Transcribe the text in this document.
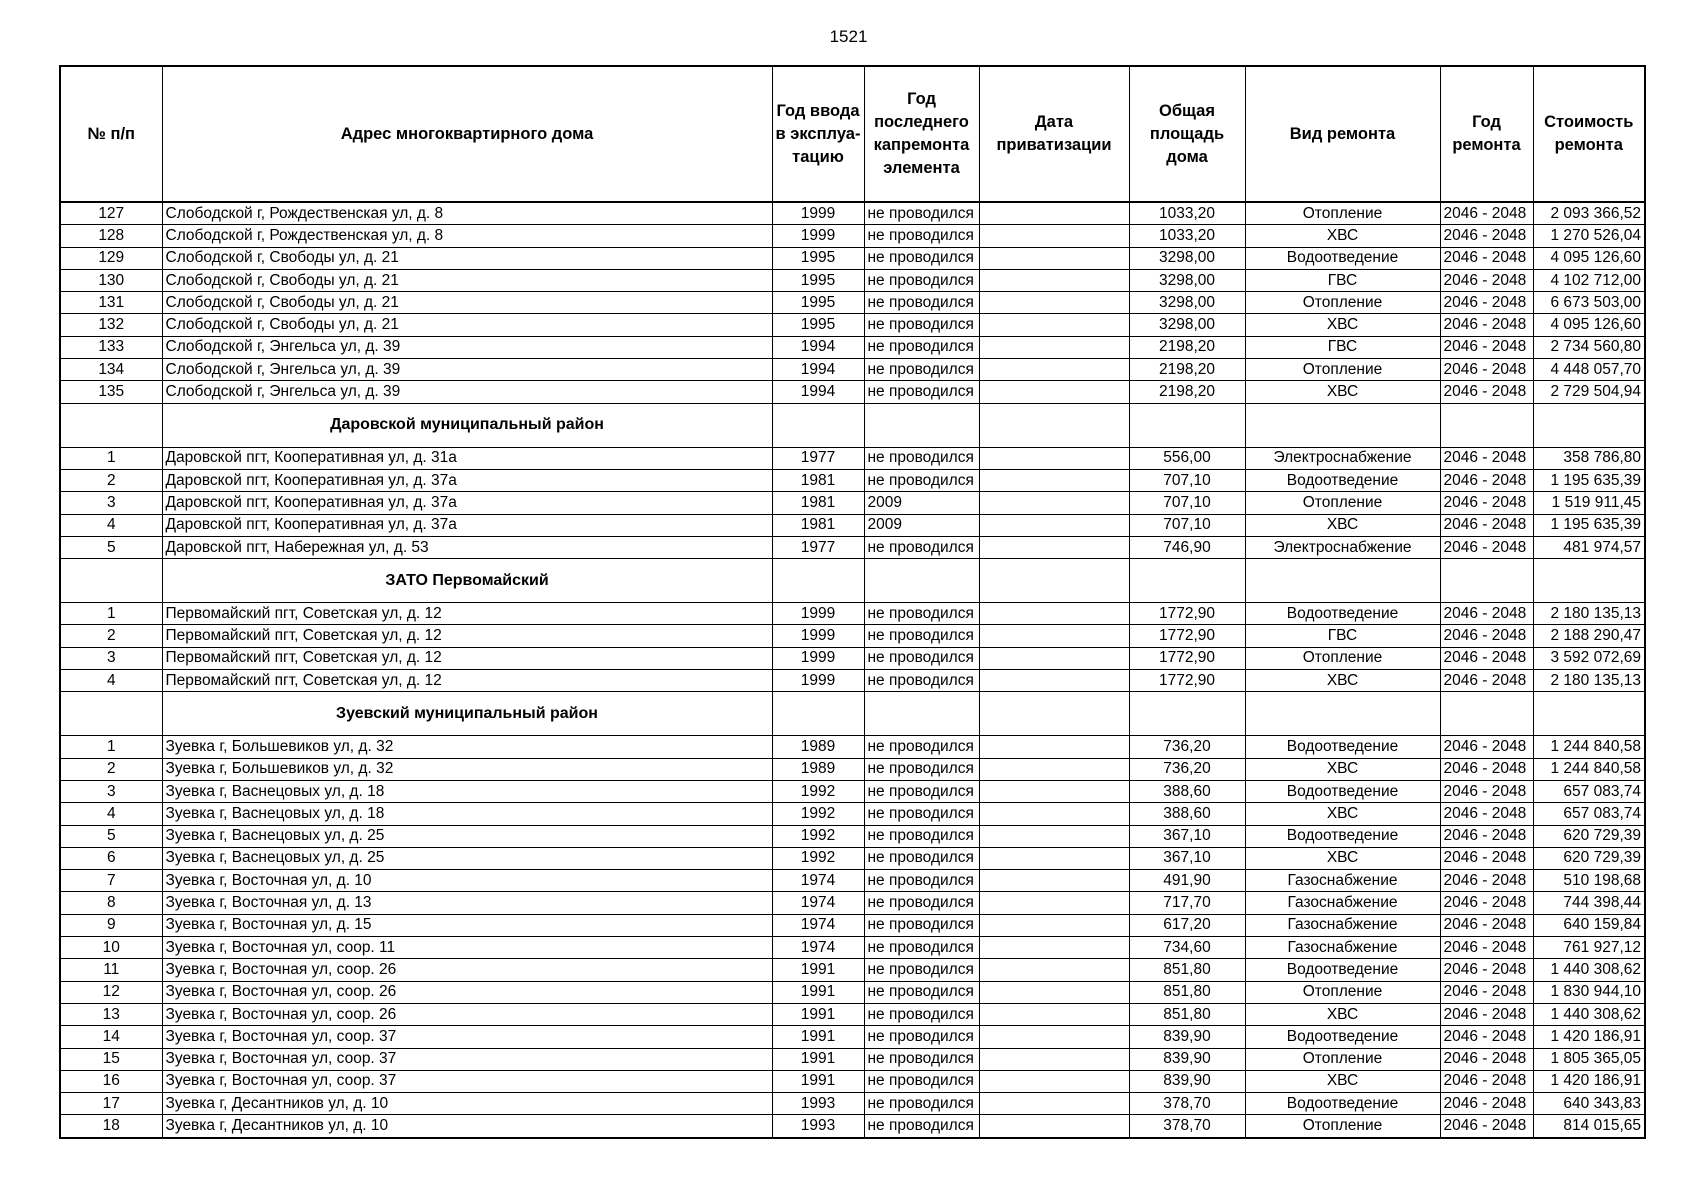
1521
№ п/п	Адрес многоквартирного дома	Год ввода в эксплуа-тацию	Год последнего капремонта элемента	Дата приватизации	Общая площадь дома	Вид ремонта	Год ремонта	Стоимость ремонта
127	Слободской г, Рождественская ул, д. 8	1999	не проводился		1033,20	Отопление	2046 - 2048	2 093 366,52
128	Слободской г, Рождественская ул, д. 8	1999	не проводился		1033,20	ХВС	2046 - 2048	1 270 526,04
129	Слободской г, Свободы ул, д. 21	1995	не проводился		3298,00	Водоотведение	2046 - 2048	4 095 126,60
130	Слободской г, Свободы ул, д. 21	1995	не проводился		3298,00	ГВС	2046 - 2048	4 102 712,00
131	Слободской г, Свободы ул, д. 21	1995	не проводился		3298,00	Отопление	2046 - 2048	6 673 503,00
132	Слободской г, Свободы ул, д. 21	1995	не проводился		3298,00	ХВС	2046 - 2048	4 095 126,60
133	Слободской г, Энгельса ул, д. 39	1994	не проводился		2198,20	ГВС	2046 - 2048	2 734 560,80
134	Слободской г, Энгельса ул, д. 39	1994	не проводился		2198,20	Отопление	2046 - 2048	4 448 057,70
135	Слободской г, Энгельса ул, д. 39	1994	не проводился		2198,20	ХВС	2046 - 2048	2 729 504,94
	Даровской муниципальный район							
1	Даровской пгт, Кооперативная ул, д. 31а	1977	не проводился		556,00	Электроснабжение	2046 - 2048	358 786,80
2	Даровской пгт, Кооперативная ул, д. 37а	1981	не проводился		707,10	Водоотведение	2046 - 2048	1 195 635,39
3	Даровской пгт, Кооперативная ул, д. 37а	1981	2009		707,10	Отопление	2046 - 2048	1 519 911,45
4	Даровской пгт, Кооперативная ул, д. 37а	1981	2009		707,10	ХВС	2046 - 2048	1 195 635,39
5	Даровской пгт, Набережная ул, д. 53	1977	не проводился		746,90	Электроснабжение	2046 - 2048	481 974,57
	ЗАТО Первомайский							
1	Первомайский пгт, Советская ул, д. 12	1999	не проводился		1772,90	Водоотведение	2046 - 2048	2 180 135,13
2	Первомайский пгт, Советская ул, д. 12	1999	не проводился		1772,90	ГВС	2046 - 2048	2 188 290,47
3	Первомайский пгт, Советская ул, д. 12	1999	не проводился		1772,90	Отопление	2046 - 2048	3 592 072,69
4	Первомайский пгт, Советская ул, д. 12	1999	не проводился		1772,90	ХВС	2046 - 2048	2 180 135,13
	Зуевский муниципальный район							
1	Зуевка г, Большевиков ул, д. 32	1989	не проводился		736,20	Водоотведение	2046 - 2048	1 244 840,58
2	Зуевка г, Большевиков ул, д. 32	1989	не проводился		736,20	ХВС	2046 - 2048	1 244 840,58
3	Зуевка г, Васнецовых ул, д. 18	1992	не проводился		388,60	Водоотведение	2046 - 2048	657 083,74
4	Зуевка г, Васнецовых ул, д. 18	1992	не проводился		388,60	ХВС	2046 - 2048	657 083,74
5	Зуевка г, Васнецовых ул, д. 25	1992	не проводился		367,10	Водоотведение	2046 - 2048	620 729,39
6	Зуевка г, Васнецовых ул, д. 25	1992	не проводился		367,10	ХВС	2046 - 2048	620 729,39
7	Зуевка г, Восточная ул, д. 10	1974	не проводился		491,90	Газоснабжение	2046 - 2048	510 198,68
8	Зуевка г, Восточная ул, д. 13	1974	не проводился		717,70	Газоснабжение	2046 - 2048	744 398,44
9	Зуевка г, Восточная ул, д. 15	1974	не проводился		617,20	Газоснабжение	2046 - 2048	640 159,84
10	Зуевка г, Восточная ул, соор. 11	1974	не проводился		734,60	Газоснабжение	2046 - 2048	761 927,12
11	Зуевка г, Восточная ул, соор. 26	1991	не проводился		851,80	Водоотведение	2046 - 2048	1 440 308,62
12	Зуевка г, Восточная ул, соор. 26	1991	не проводился		851,80	Отопление	2046 - 2048	1 830 944,10
13	Зуевка г, Восточная ул, соор. 26	1991	не проводился		851,80	ХВС	2046 - 2048	1 440 308,62
14	Зуевка г, Восточная ул, соор. 37	1991	не проводился		839,90	Водоотведение	2046 - 2048	1 420 186,91
15	Зуевка г, Восточная ул, соор. 37	1991	не проводился		839,90	Отопление	2046 - 2048	1 805 365,05
16	Зуевка г, Восточная ул, соор. 37	1991	не проводился		839,90	ХВС	2046 - 2048	1 420 186,91
17	Зуевка г, Десантников ул, д. 10	1993	не проводился		378,70	Водоотведение	2046 - 2048	640 343,83
18	Зуевка г, Десантников ул, д. 10	1993	не проводился		378,70	Отопление	2046 - 2048	814 015,65
